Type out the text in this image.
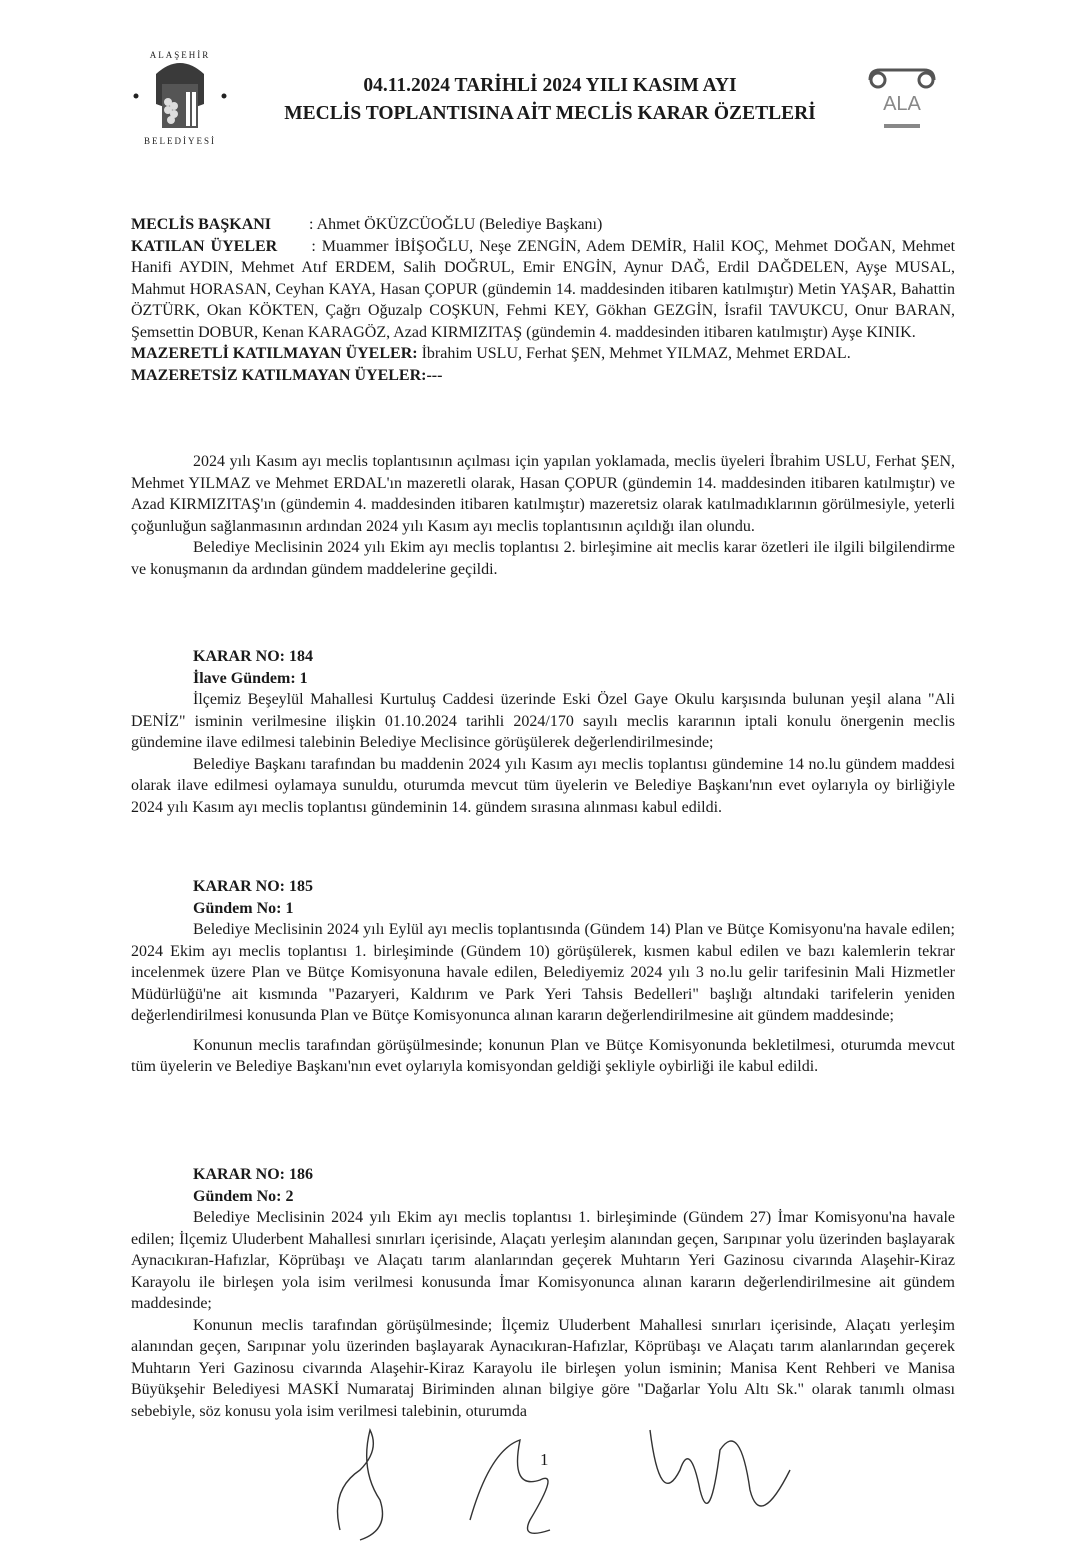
ALAŞEHİR
BELEDİYESİ
04.11.2024 TARİHLİ 2024 YILI KASIM AYI
MECLİS TOPLANTISINA AİT MECLİS KARAR ÖZETLERİ	ALA

MECLİS BAŞKANI : Ahmet ÖKÜZCÜOĞLU (Belediye Başkanı)

KATILAN ÜYELER : Muammer İBİŞOĞLU, Neşe ZENGİN, Adem DEMİR, Halil KOÇ, Mehmet DOĞAN, Mehmet Hanifi AYDIN, Mehmet Atıf ERDEM, Salih DOĞRUL, Emir ENGİN, Aynur DAĞ, Erdil DAĞDELEN, Ayşe MUSAL, Mahmut HORASAN, Ceyhan KAYA, Hasan ÇOPUR (gündemin 14. maddesinden itibaren katılmıştır) Metin YAŞAR, Bahattin ÖZTÜRK, Okan KÖKTEN, Çağrı Oğuzalp COŞKUN, Fehmi KEY, Gökhan GEZGİN, İsrafil TAVUKCU, Onur BARAN, Şemsettin DOBUR, Kenan KARAGÖZ, Azad KIRMIZITAŞ (gündemin 4. maddesinden itibaren katılmıştır) Ayşe KINIK.

MAZERETLİ KATILMAYAN ÜYELER: İbrahim USLU, Ferhat ŞEN, Mehmet YILMAZ, Mehmet ERDAL.

MAZERETSİZ KATILMAYAN ÜYELER:---

2024 yılı Kasım ayı meclis toplantısının açılması için yapılan yoklamada, meclis üyeleri İbrahim USLU, Ferhat ŞEN, Mehmet YILMAZ ve Mehmet ERDAL'ın mazeretli olarak, Hasan ÇOPUR (gündemin 14. maddesinden itibaren katılmıştır) ve Azad KIRMIZITAŞ'ın (gündemin 4. maddesinden itibaren katılmıştır) mazeretsiz olarak katılmadıklarının görülmesiyle, yeterli çoğunluğun sağlanmasının ardından 2024 yılı Kasım ayı meclis toplantısının açıldığı ilan olundu.

Belediye Meclisinin 2024 yılı Ekim ayı meclis toplantısı 2. birleşimine ait meclis karar özetleri ile ilgili bilgilendirme ve konuşmanın da ardından gündem maddelerine geçildi.

KARAR NO: 184
İlave Gündem: 1

İlçemiz Beşeylül Mahallesi Kurtuluş Caddesi üzerinde Eski Özel Gaye Okulu karşısında bulunan yeşil alana "Ali DENİZ" isminin verilmesine ilişkin 01.10.2024 tarihli 2024/170 sayılı meclis kararının iptali konulu önergenin meclis gündemine ilave edilmesi talebinin Belediye Meclisince görüşülerek değerlendirilmesinde;

Belediye Başkanı tarafından bu maddenin 2024 yılı Kasım ayı meclis toplantısı gündemine 14 no.lu gündem maddesi olarak ilave edilmesi oylamaya sunuldu, oturumda mevcut tüm üyelerin ve Belediye Başkanı'nın evet oylarıyla oy birliğiyle 2024 yılı Kasım ayı meclis toplantısı gündeminin 14. gündem sırasına alınması kabul edildi.

KARAR NO: 185
Gündem No: 1

Belediye Meclisinin 2024 yılı Eylül ayı meclis toplantısında (Gündem 14) Plan ve Bütçe Komisyonu'na havale edilen; 2024 Ekim ayı meclis toplantısı 1. birleşiminde (Gündem 10) görüşülerek, kısmen kabul edilen ve bazı kalemlerin tekrar incelenmek üzere Plan ve Bütçe Komisyonuna havale edilen, Belediyemiz 2024 yılı 3 no.lu gelir tarifesinin Mali Hizmetler Müdürlüğü'ne ait kısmında "Pazaryeri, Kaldırım ve Park Yeri Tahsis Bedelleri" başlığı altındaki tarifelerin yeniden değerlendirilmesi konusunda Plan ve Bütçe Komisyonunca alınan kararın değerlendirilmesine ait gündem maddesinde;

Konunun meclis tarafından görüşülmesinde; konunun Plan ve Bütçe Komisyonunda bekletilmesi, oturumda mevcut tüm üyelerin ve Belediye Başkanı'nın evet oylarıyla komisyondan geldiği şekliyle oybirliği ile kabul edildi.

KARAR NO: 186
Gündem No: 2

Belediye Meclisinin 2024 yılı Ekim ayı meclis toplantısı 1. birleşiminde (Gündem 27) İmar Komisyonu'na havale edilen; İlçemiz Uluderbent Mahallesi sınırları içerisinde, Alaçatı yerleşim alanından geçen, Sarıpınar yolu üzerinden başlayarak Aynacıkıran-Hafızlar, Köprübaşı ve Alaçatı tarım alanlarından geçerek Muhtarın Yeri Gazinosu civarında Alaşehir-Kiraz Karayolu ile birleşen yola isim verilmesi konusunda İmar Komisyonunca alınan kararın değerlendirilmesine ait gündem maddesinde;

Konunun meclis tarafından görüşülmesinde; İlçemiz Uluderbent Mahallesi sınırları içerisinde, Alaçatı yerleşim alanından geçen, Sarıpınar yolu üzerinden başlayarak Aynacıkıran-Hafızlar, Köprübaşı ve Alaçatı tarım alanlarından geçerek Muhtarın Yeri Gazinosu civarında Alaşehir-Kiraz Karayolu ile birleşen yolun isminin; Manisa Kent Rehberi ve Manisa Büyükşehir Belediyesi MASKİ Numarataj Biriminden alınan bilgiye göre "Dağarlar Yolu Altı Sk." olarak tanımlı olması sebebiyle, söz konusu yola isim verilmesi talebinin, oturumda

1
